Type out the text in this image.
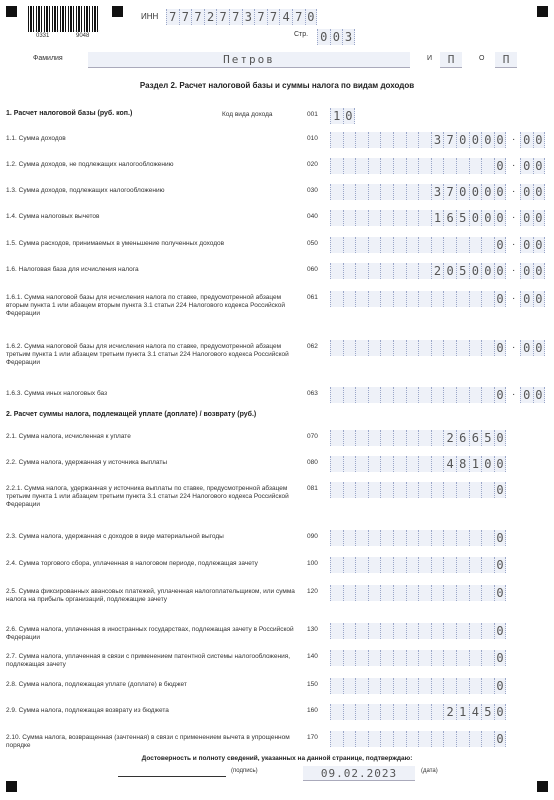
0331	9048
ИНН 7 7 7 2 7 7 3 7 7 4 7 0
Стр. 0 0 3
Фамилия	Петров	И	П	О	П
Раздел 2. Расчет налоговой базы и суммы налога по видам доходов
1. Расчет налоговой базы (руб. коп.)	Код вида дохода	001 1 0
1.1. Сумма доходов	010	3 7 0 0 0 0 · 0 0
1.2. Сумма доходов, не подлежащих налогообложению	020	0 · 0 0
1.3. Сумма доходов, подлежащих налогообложению	030	3 7 0 0 0 0 · 0 0
1.4. Сумма налоговых вычетов	040	1 6 5 0 0 0 · 0 0
1.5. Сумма расходов, принимаемых в уменьшение полученных доходов	050	0 · 0 0
1.6. Налоговая база для исчисления налога	060	2 0 5 0 0 0 · 0 0
1.6.1. Сумма налоговой базы для исчисления налога по ставке, предусмотренной абзацем вторым пункта 1 или абзацем вторым пункта 3.1 статьи 224 Налогового кодекса Российской Федерации
061	0 · 0 0
1.6.2. Сумма налоговой базы для исчисления налога по ставке, предусмотренной абзацем третьим пункта 1 или абзацем третьим пункта 3.1 статьи 224 Налогового кодекса Российской Федерации
062	0 · 0 0
1.6.3. Сумма иных налоговых баз	063	0 · 0 0
2. Расчет суммы налога, подлежащей уплате (доплате) / возврату (руб.)
2.1. Сумма налога, исчисленная к уплате	070	2 6 6 5 0
2.2. Сумма налога, удержанная у источника выплаты	080	4 8 1 0 0
2.2.1. Сумма налога, удержанная у источника выплаты по ставке, предусмотренной абзацем третьим пункта 1 или абзацем третьим пункта 3.1 статьи 224 Налогового кодекса Российской Федерации
081	0
2.3. Сумма налога, удержанная с доходов в виде материальной выгоды	090	0
2.4. Сумма торгового сбора, уплаченная в налоговом периоде, подлежащая зачету	100	0
2.5. Сумма фиксированных авансовых платежей, уплаченная налогоплательщиком, или сумма налога на прибыль организаций, подлежащие зачету
120	0
2.6. Сумма налога, уплаченная в иностранных государствах, подлежащая зачету в Российской Федерации
130	0
2.7. Сумма налога, уплаченная в связи с применением патентной системы налогообложения, подлежащая зачету
140	0
2.8. Сумма налога, подлежащая уплате (доплате) в бюджет	150	0
2.9. Сумма налога, подлежащая возврату из бюджета	160	2 1 4 5 0
2.10. Сумма налога, возвращенная (зачтенная) в связи с применением вычета в упрощенном порядке
170	0
Достоверность и полноту сведений, указанных на данной странице, подтверждаю:
(подпись)	09.02.2023	(дата)
